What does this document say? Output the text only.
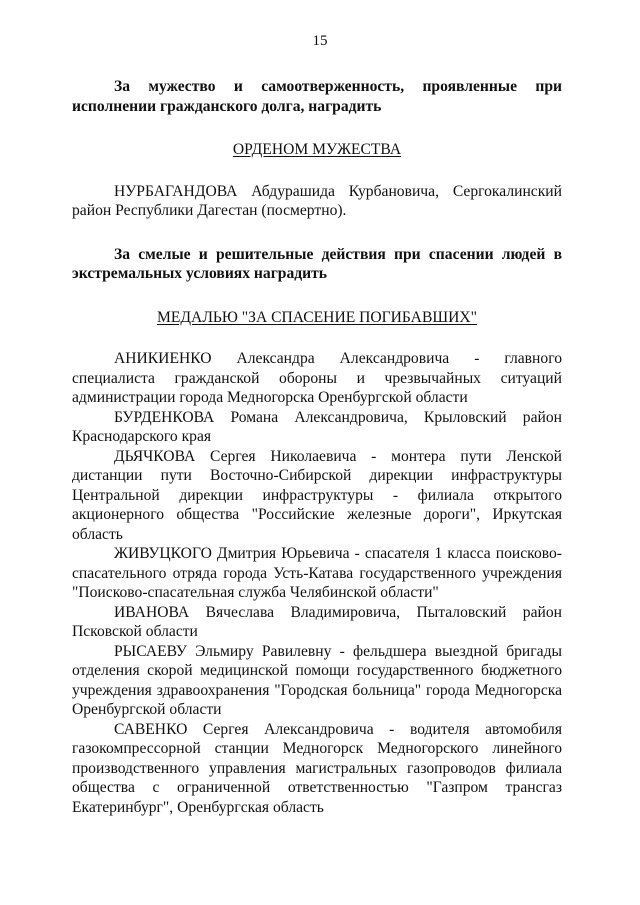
15

За мужество и самоотверженность, проявленные при исполнении гражданского долга, наградить

ОРДЕНОМ МУЖЕСТВА

НУРБАГАНДОВА Абдурашида Курбановича, Сергокалинский район Республики Дагестан (посмертно).

За смелые и решительные действия при спасении людей в экстремальных условиях наградить

МЕДАЛЬЮ "ЗА СПАСЕНИЕ ПОГИБАВШИХ"

АНИКИЕНКО Александра Александровича - главного специалиста гражданской обороны и чрезвычайных ситуаций администрации города Медногорска Оренбургской области

БУРДЕНКОВА Романа Александровича, Крыловский район Краснодарского края

ДЬЯЧКОВА Сергея Николаевича - монтера пути Ленской дистанции пути Восточно-Сибирской дирекции инфраструктуры Центральной дирекции инфраструктуры - филиала открытого акционерного общества "Российские железные дороги", Иркутская область

ЖИВУЦКОГО Дмитрия Юрьевича - спасателя 1 класса поисково-спасательного отряда города Усть-Катава государственного учреждения "Поисково-спасательная служба Челябинской области"

ИВАНОВА Вячеслава Владимировича, Пыталовский район Псковской области

РЫСАЕВУ Эльмиру Равилевну - фельдшера выездной бригады отделения скорой медицинской помощи государственного бюджетного учреждения здравоохранения "Городская больница" города Медногорска Оренбургской области

САВЕНКО Сергея Александровича - водителя автомобиля газокомпрессорной станции Медногорск Медногорского линейного производственного управления магистральных газопроводов филиала общества с ограниченной ответственностью "Газпром трансгаз Екатеринбург", Оренбургская область
